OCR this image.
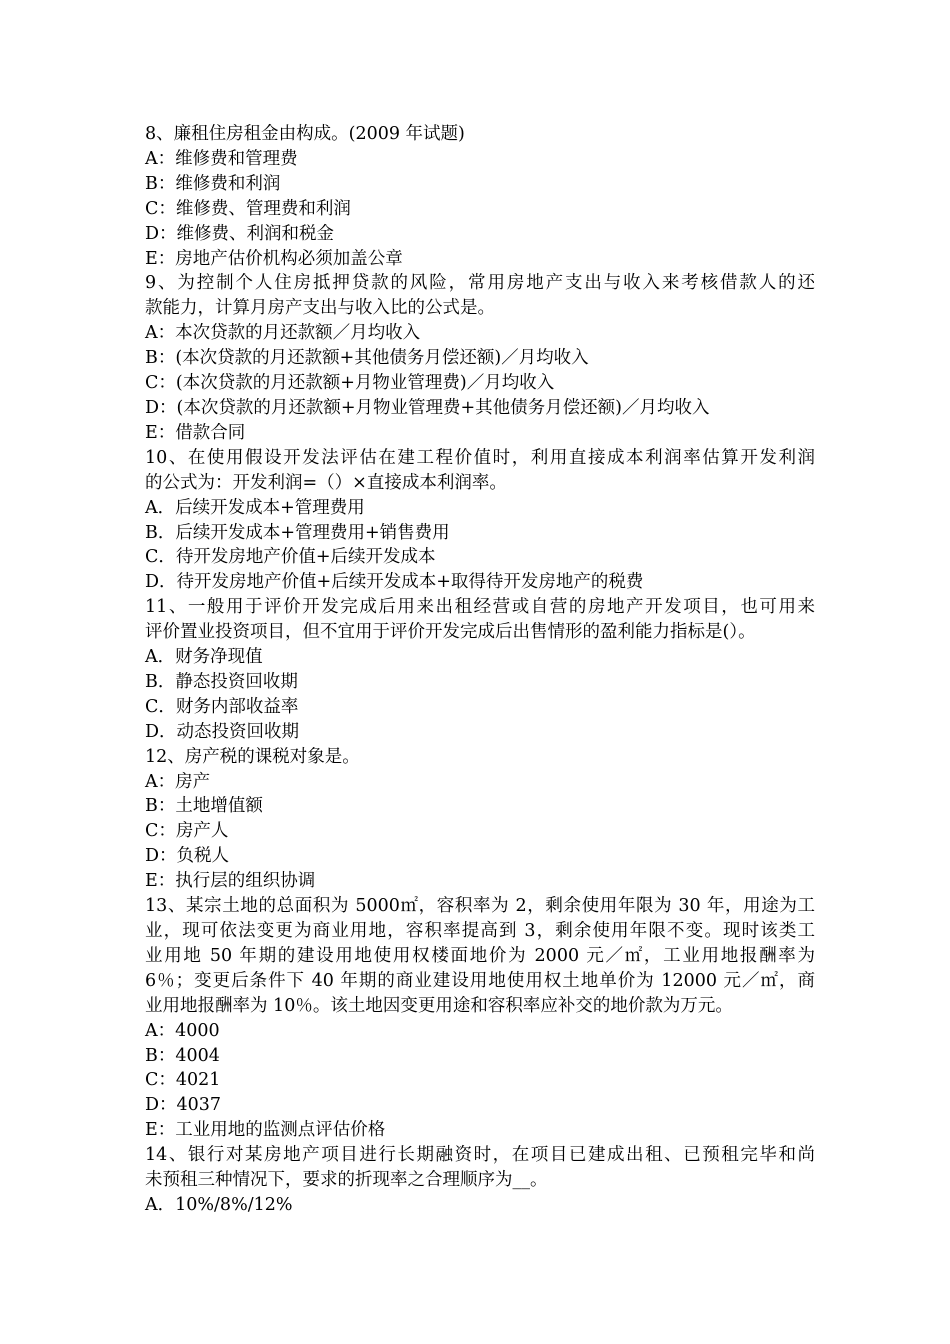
8、廉租住房租金由构成。(2009 年试题)
A：维修费和管理费
B：维修费和利润
C：维修费、管理费和利润
D：维修费、利润和税金
E：房地产估价机构必须加盖公章
9、为控制个人住房抵押贷款的风险，常用房地产支出与收入来考核借款人的还
款能力，计算月房产支出与收入比的公式是。
A：本次贷款的月还款额／月均收入
B：(本次贷款的月还款额+其他债务月偿还额)／月均收入
C：(本次贷款的月还款额+月物业管理费)／月均收入
D：(本次贷款的月还款额+月物业管理费+其他债务月偿还额)／月均收入
E：借款合同
10、在使用假设开发法评估在建工程价值时，利用直接成本利润率估算开发利润
的公式为：开发利润=（）×直接成本利润率。
A．后续开发成本+管理费用
B．后续开发成本+管理费用+销售费用
C．待开发房地产价值+后续开发成本
D．待开发房地产价值+后续开发成本+取得待开发房地产的税费
11、一般用于评价开发完成后用来出租经营或自营的房地产开发项目，也可用来
评价置业投资项目，但不宜用于评价开发完成后出售情形的盈利能力指标是(）。
A．财务净现值
B．静态投资回收期
C．财务内部收益率
D．动态投资回收期
12、房产税的课税对象是。
A：房产
B：土地增值额
C：房产人
D：负税人
E：执行层的组织协调
13、某宗土地的总面积为 5000㎡，容积率为 2，剩余使用年限为 30 年，用途为工
业，现可依法变更为商业用地，容积率提高到 3，剩余使用年限不变。现时该类工
业用地 50 年期的建设用地使用权楼面地价为 2000 元／㎡，工业用地报酬率为
6％；变更后条件下 40 年期的商业建设用地使用权土地单价为 12000 元／㎡，商
业用地报酬率为 10％。该土地因变更用途和容积率应补交的地价款为万元。
A：4000
B：4004
C：4021
D：4037
E：工业用地的监测点评估价格
14、银行对某房地产项目进行长期融资时，在项目已建成出租、已预租完毕和尚
未预租三种情况下，要求的折现率之合理顺序为__。
A．10%/8%/12%
